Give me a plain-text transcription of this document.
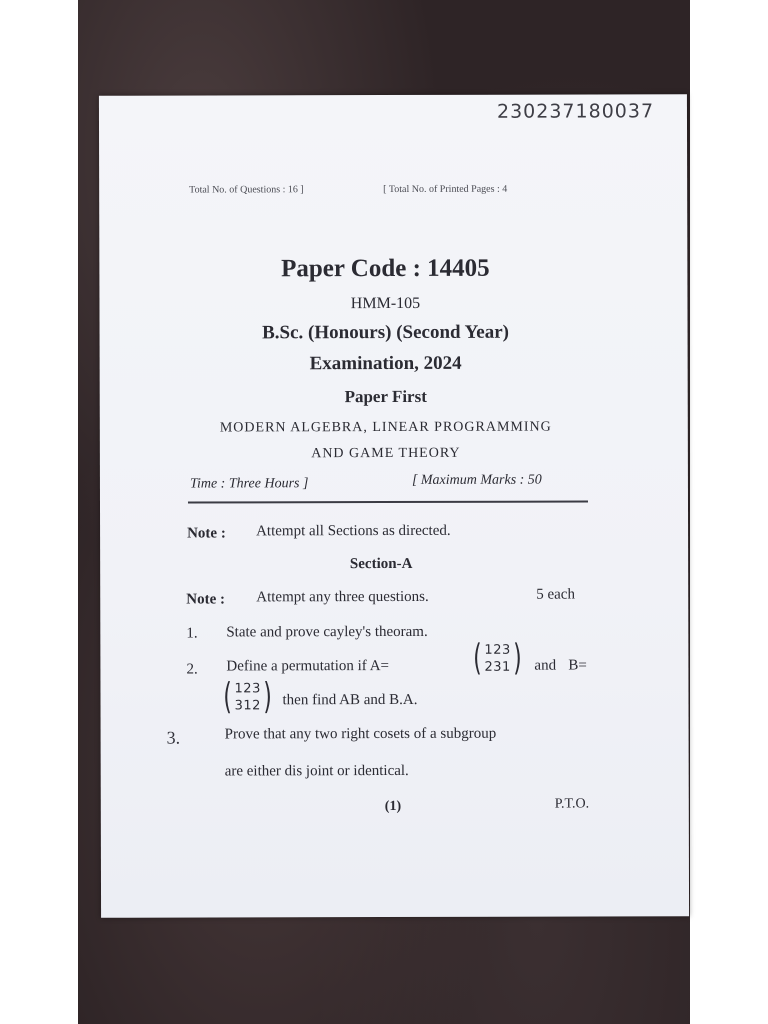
230237180037
Total No. of Questions : 16 ]	[ Total No. of Printed Pages : 4
Paper Code : 14405
HMM-105
B.Sc. (Honours) (Second Year)
Examination, 2024
Paper First
MODERN ALGEBRA, LINEAR PROGRAMMING
AND GAME THEORY
Time : Three Hours ]	[ Maximum Marks : 50
Note : Attempt all Sections as directed.
Section-A
Note : Attempt any three questions.	5 each
1. State and prove cayley's theoram.
2. Define a permutation if A= ( 123
231 ) and B=
( 123
312 ) then find AB and B.A.
3.	Prove that any two right cosets of a subgroup
are either dis joint or identical.
(1)	P.T.O.
